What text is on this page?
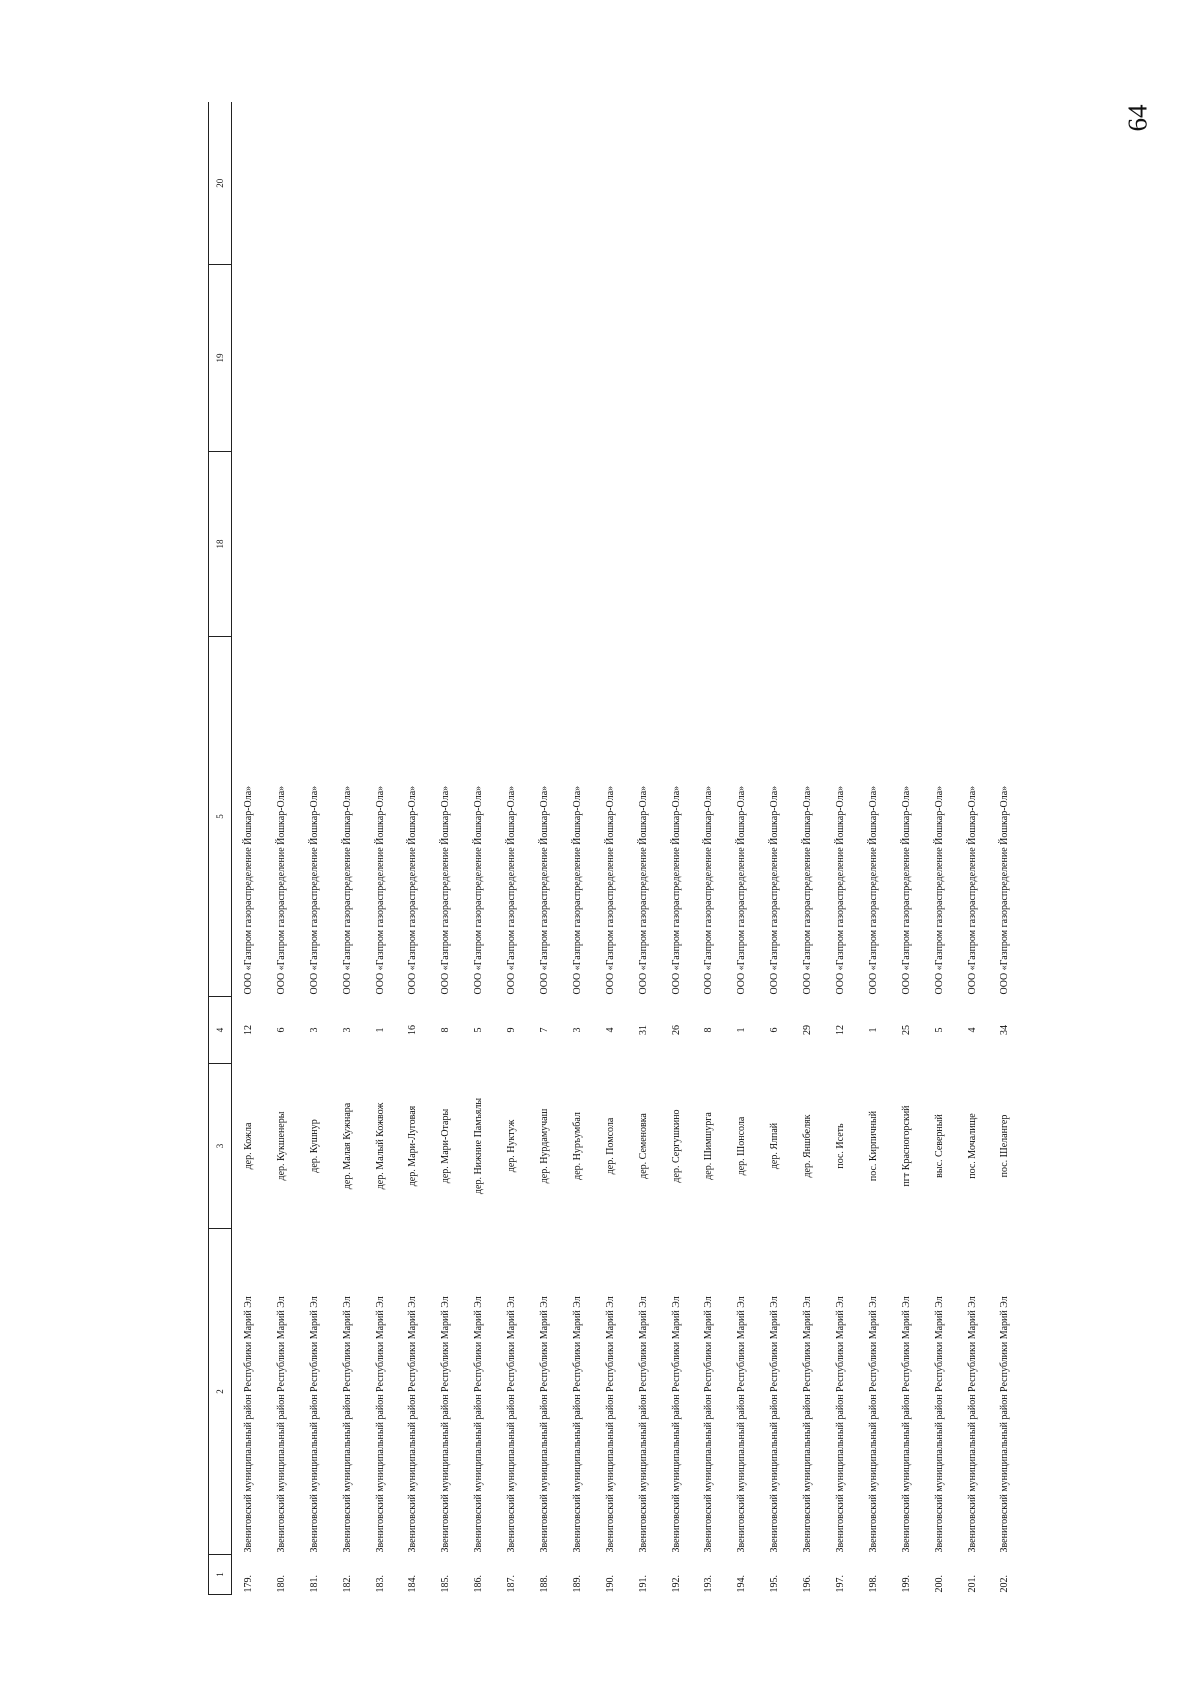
64
1	2	3	4	5	18	19	20
179.	Звениговский муниципальный район Республики Марий Эл	дер. Кожла	12	ООО «Газпром газораспределение Йошкар-Ола»			
180.	Звениговский муниципальный район Республики Марий Эл	дер. Кукшенеры	6	ООО «Газпром газораспределение Йошкар-Ола»			
181.	Звениговский муниципальный район Республики Марий Эл	дер. Кушнур	3	ООО «Газпром газораспределение Йошкар-Ола»			
182.	Звениговский муниципальный район Республики Марий Эл	дер. Малая Кужнара	3	ООО «Газпром газораспределение Йошкар-Ола»			
183.	Звениговский муниципальный район Республики Марий Эл	дер. Малый Кожвож	1	ООО «Газпром газораспределение Йошкар-Ола»			
184.	Звениговский муниципальный район Республики Марий Эл	дер. Мари-Луговая	16	ООО «Газпром газораспределение Йошкар-Ола»			
185.	Звениговский муниципальный район Республики Марий Эл	дер. Мари-Отары	8	ООО «Газпром газораспределение Йошкар-Ола»			
186.	Звениговский муниципальный район Республики Марий Эл	дер. Нижние Памъялы	5	ООО «Газпром газораспределение Йошкар-Ола»			
187.	Звениговский муниципальный район Республики Марий Эл	дер. Нуктуж	9	ООО «Газпром газораспределение Йошкар-Ола»			
188.	Звениговский муниципальный район Республики Марий Эл	дер. Нурдамучаш	7	ООО «Газпром газораспределение Йошкар-Ола»			
189.	Звениговский муниципальный район Республики Марий Эл	дер. Нуръумбал	3	ООО «Газпром газораспределение Йошкар-Ола»			
190.	Звениговский муниципальный район Республики Марий Эл	дер. Помсола	4	ООО «Газпром газораспределение Йошкар-Ола»			
191.	Звениговский муниципальный район Республики Марий Эл	дер. Семеновка	31	ООО «Газпром газораспределение Йошкар-Ола»			
192.	Звениговский муниципальный район Республики Марий Эл	дер. Сергушкино	26	ООО «Газпром газораспределение Йошкар-Ола»			
193.	Звениговский муниципальный район Республики Марий Эл	дер. Шимшургa	8	ООО «Газпром газораспределение Йошкар-Ола»			
194.	Звениговский муниципальный район Республики Марий Эл	дер. Шонсола	1	ООО «Газпром газораспределение Йошкар-Ола»			
195.	Звениговский муниципальный район Республики Марий Эл	дер. Ялпай	6	ООО «Газпром газораспределение Йошкар-Ола»			
196.	Звениговский муниципальный район Республики Марий Эл	дер. Яншбеляк	29	ООО «Газпром газораспределение Йошкар-Ола»			
197.	Звениговский муниципальный район Республики Марий Эл	пос. Исеть	12	ООО «Газпром газораспределение Йошкар-Ола»			
198.	Звениговский муниципальный район Республики Марий Эл	пос. Кирпичный	1	ООО «Газпром газораспределение Йошкар-Ола»			
199.	Звениговский муниципальный район Республики Марий Эл	пгт Красногорский	25	ООО «Газпром газораспределение Йошкар-Ола»			
200.	Звениговский муниципальный район Республики Марий Эл	выс. Северный	5	ООО «Газпром газораспределение Йошкар-Ола»			
201.	Звениговский муниципальный район Республики Марий Эл	пос. Мочалище	4	ООО «Газпром газораспределение Йошкар-Ола»			
202.	Звениговский муниципальный район Республики Марий Эл	пос. Шелангер	34	ООО «Газпром газораспределение Йошкар-Ола»			
